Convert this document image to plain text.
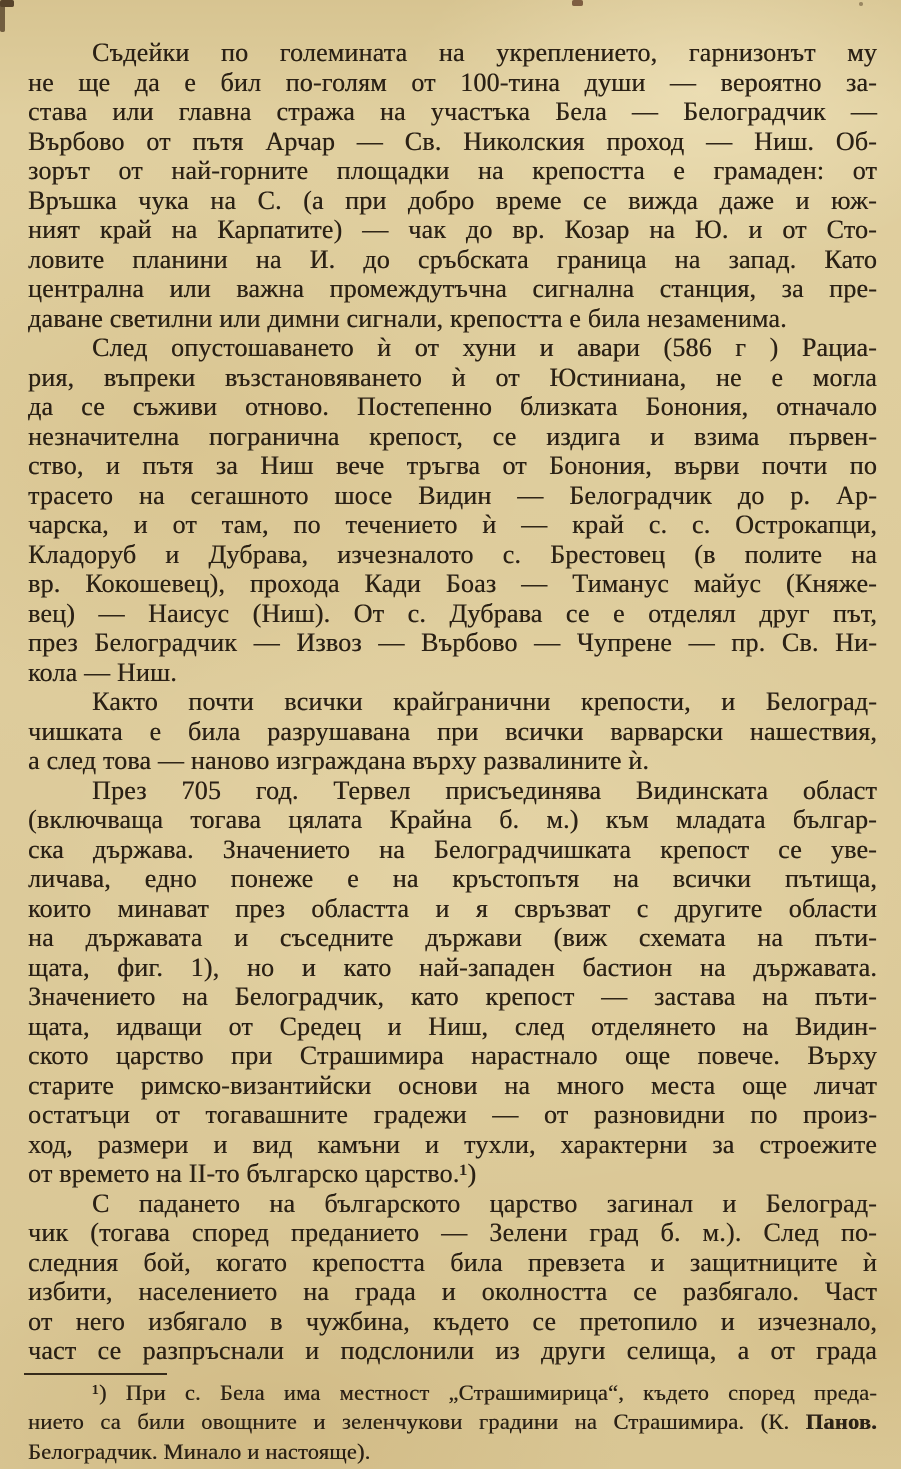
Съдейки по големината на укреплението, гарнизонът му
не ще да е бил по-голям от 100-тина души — вероятно за-
става или главна стража на участъка Бела — Белоградчик —
Върбово от пътя Арчар — Св. Николския проход — Ниш. Об-
зорът от най-горните площадки на крепостта е грамаден: от
Връшка чука на С. (а при добро време се вижда даже и юж-
ният край на Карпатите) — чак до вр. Козар на Ю. и от Сто-
ловите планини на И. до сръбската граница на запад. Като
централна или важна промеждутъчна сигнална станция, за пре-
даване светилни или димни сигнали, крепостта е била незаменима.
След опустошаването ѝ от хуни и авари (586 г ) Рациа-
рия, въпреки възстановяването ѝ от Юстиниана, не е могла
да се съживи отново. Постепенно близката Бонония, отначало
незначителна погранична крепост, се издига и взима първен-
ство, и пътя за Ниш вече тръгва от Бонония, върви почти по
трасето на сегашното шосе Видин — Белоградчик до р. Ар-
чарска, и от там, по течението ѝ — край с. с. Острокапци,
Кладоруб и Дубрава, изчезналото с. Брестовец (в полите на
вр. Кокошевец), прохода Кади Боаз — Тиманус майус (Княже-
вец) — Наисус (Ниш). От с. Дубрава се е отделял друг път,
през Белоградчик — Извоз — Върбово — Чупрене — пр. Св. Ни-
кола — Ниш.
Както почти всички крайгранични крепости, и Белоград-
чишката е била разрушавана при всички варварски нашествия,
а след това — наново изграждана върху развалините ѝ.
През 705 год. Тервел присъединява Видинската област
(включваща тогава цялата Крайна б. м.) към младата българ-
ска държава. Значението на Белоградчишката крепост се уве-
личава, едно понеже е на кръстопътя на всички пътища,
които минават през областта и я свръзват с другите области
на държавата и съседните държави (виж схемата на пъти-
щата, фиг. 1), но и като най-западен бастион на държавата.
Значението на Белоградчик, като крепост — застава на пъти-
щата, идващи от Средец и Ниш, след отделянето на Видин-
ското царство при Страшимира нарастнало още повече. Върху
старите римско-византийски основи на много места още личат
остатъци от тогавашните градежи — от разновидни по произ-
ход, размери и вид камъни и тухли, характерни за строежите
от времето на II-то българско царство.¹)
С падането на българското царство загинал и Белоград-
чик (тогава според преданието — Зелени град б. м.). След по-
следния бой, когато крепостта била превзета и защитниците ѝ
избити, населението на града и околността се разбягало. Част
от него избягало в чужбина, където се претопило и изчезнало,
част се разпръснали и подслонили из други селища, а от града
¹) При с. Бела има местност „Страшимирица“, където според преда-
нието са били овощните и зеленчукови градини на Страшимира. (К. Панов.
Белоградчик. Минало и настояще).
